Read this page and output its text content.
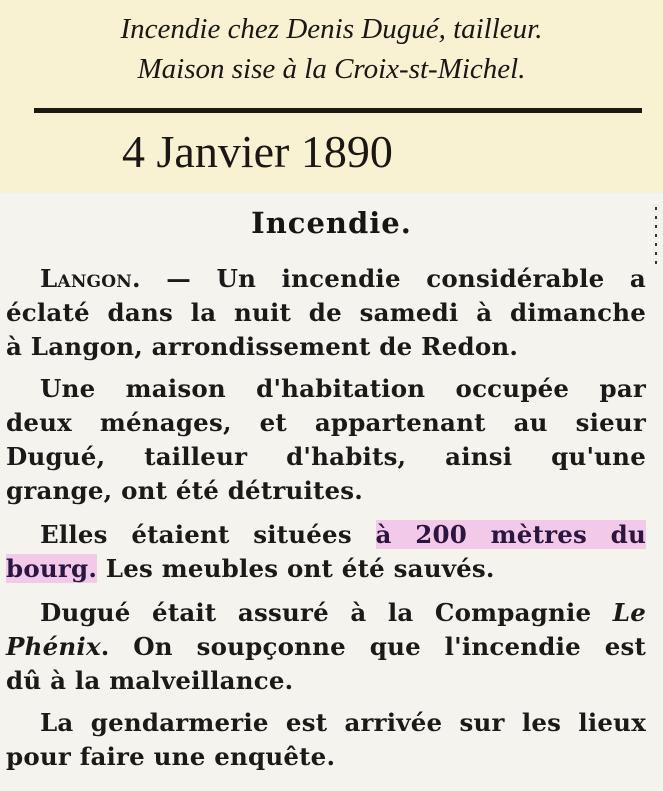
Incendie chez Denis Dugué, tailleur.
Maison sise à la Croix-st-Michel.
4 Janvier 1890
Incendie.
Langon. — Un incendie considérable a
éclaté dans la nuit de samedi à dimanche
à Langon, arrondissement de Redon.
Une maison d'habitation occupée par
deux ménages, et appartenant au sieur
Dugué, tailleur d'habits, ainsi qu'une
grange, ont été détruites.
Elles étaient situées à 200 mètres du
bourg. Les meubles ont été sauvés.
Dugué était assuré à la Compagnie Le
Phénix. On soupçonne que l'incendie est
dû à la malveillance.
La gendarmerie est arrivée sur les lieux
pour faire une enquête.
